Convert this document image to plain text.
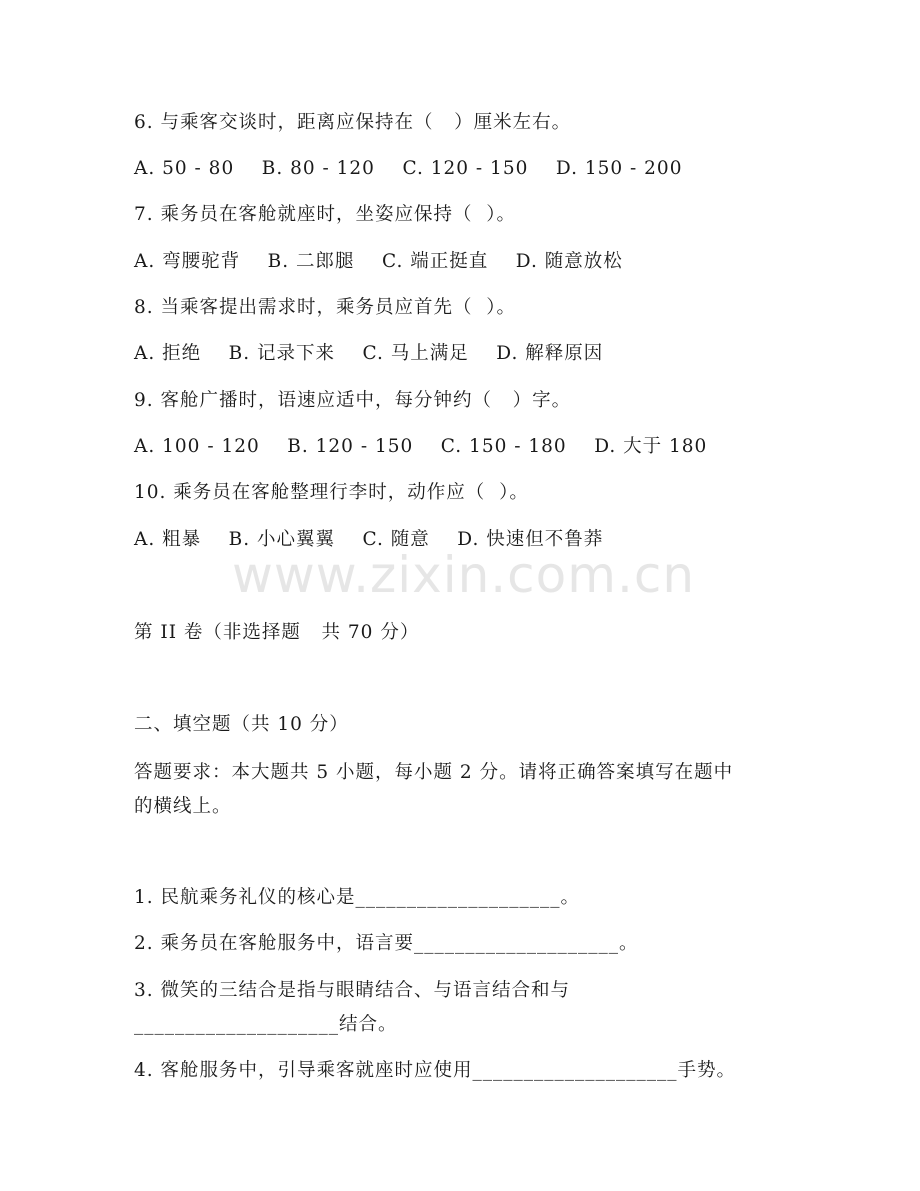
6. 与乘客交谈时，距离应保持在（   ）厘米左右。
A. 50 - 80    B. 80 - 120    C. 120 - 150    D. 150 - 200
7. 乘务员在客舱就座时，坐姿应保持（  ）。
A. 弯腰驼背    B. 二郎腿    C. 端正挺直    D. 随意放松
8. 当乘客提出需求时，乘务员应首先（  ）。
A. 拒绝    B. 记录下来    C. 马上满足    D. 解释原因
9. 客舱广播时，语速应适中，每分钟约（   ）字。
A. 100 - 120    B. 120 - 150    C. 150 - 180    D. 大于 180
10. 乘务员在客舱整理行李时，动作应（  ）。
A. 粗暴    B. 小心翼翼    C. 随意    D. 快速但不鲁莽
www.zixin.com.cn
第 II 卷（非选择题   共 70 分）
二、填空题（共 10 分）
答题要求：本大题共 5 小题，每小题 2 分。请将正确答案填写在题中
的横线上。
1. 民航乘务礼仪的核心是____________________。
2. 乘务员在客舱服务中，语言要____________________。
3. 微笑的三结合是指与眼睛结合、与语言结合和与
____________________结合。
4. 客舱服务中，引导乘客就座时应使用____________________手势。
